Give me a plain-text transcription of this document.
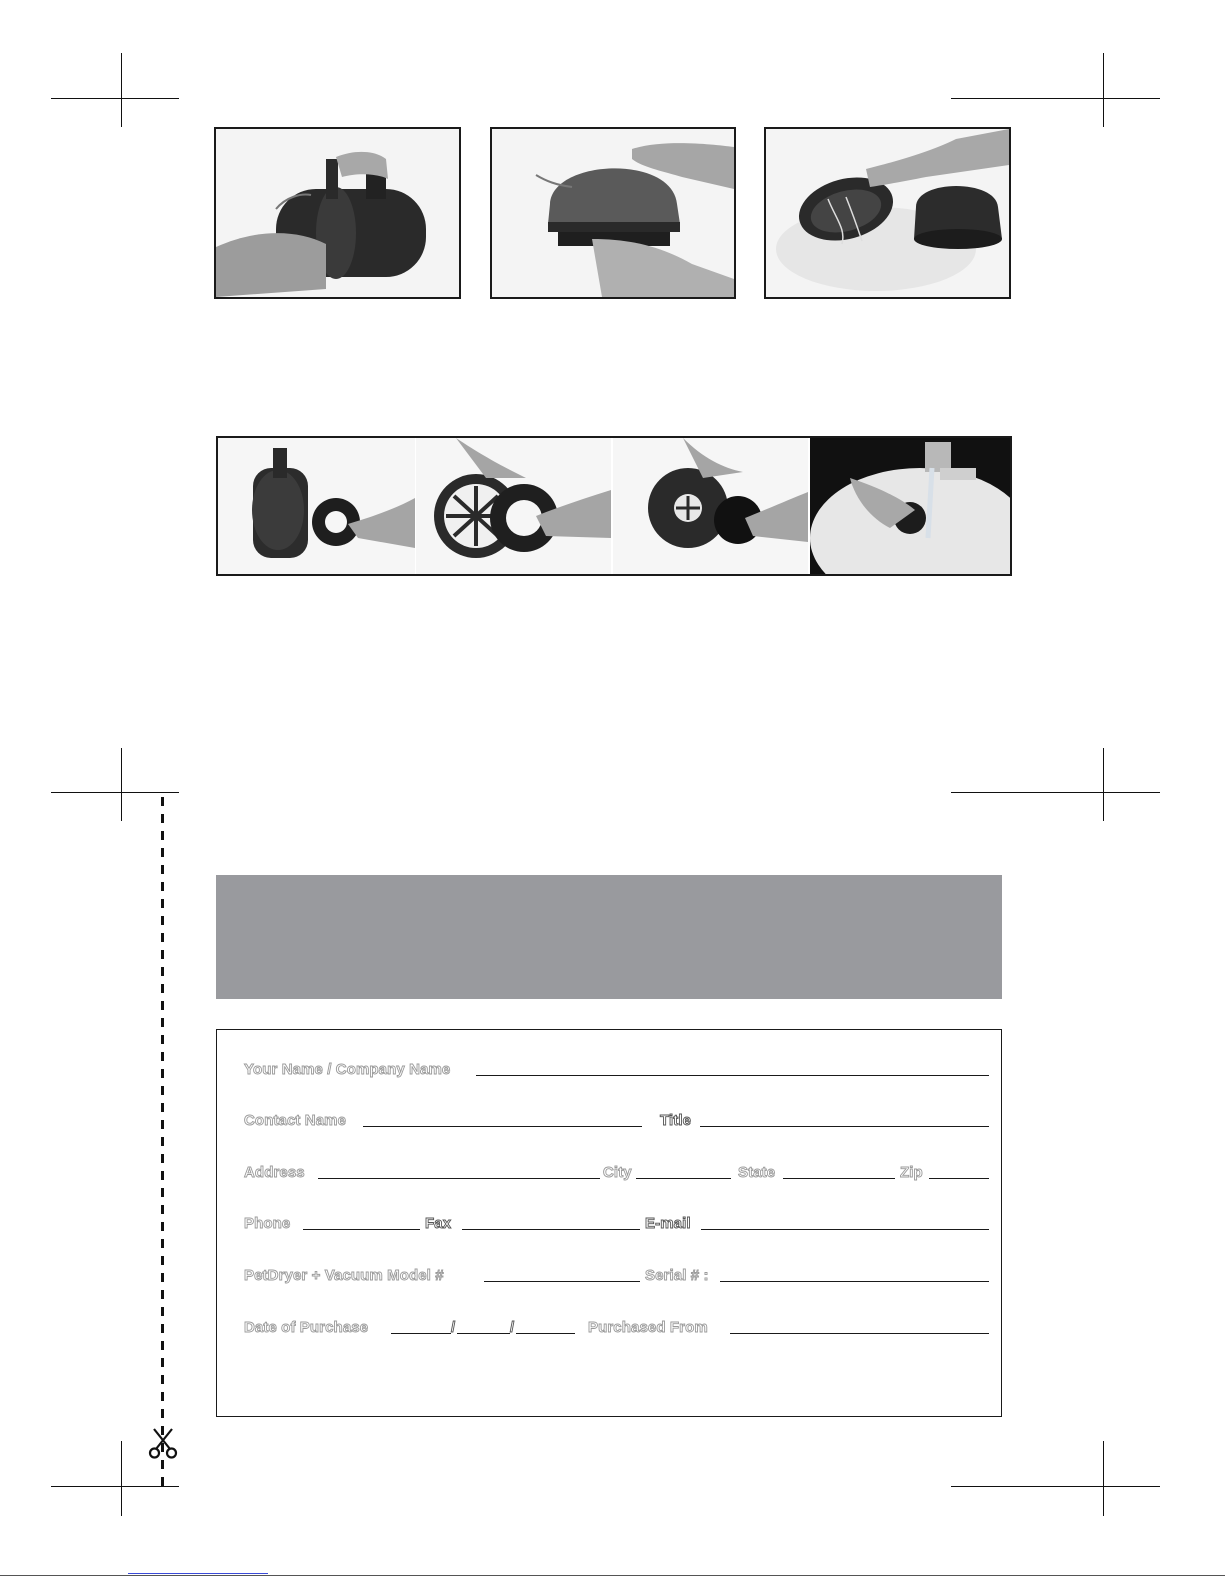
Your Name / Company Name
Contact Name	Title
Address	City	State	Zip
Phone	Fax	E-mail
PetDryer + Vacuum Model #	Serial # :
Date of Purchase	/	/	Purchased From
